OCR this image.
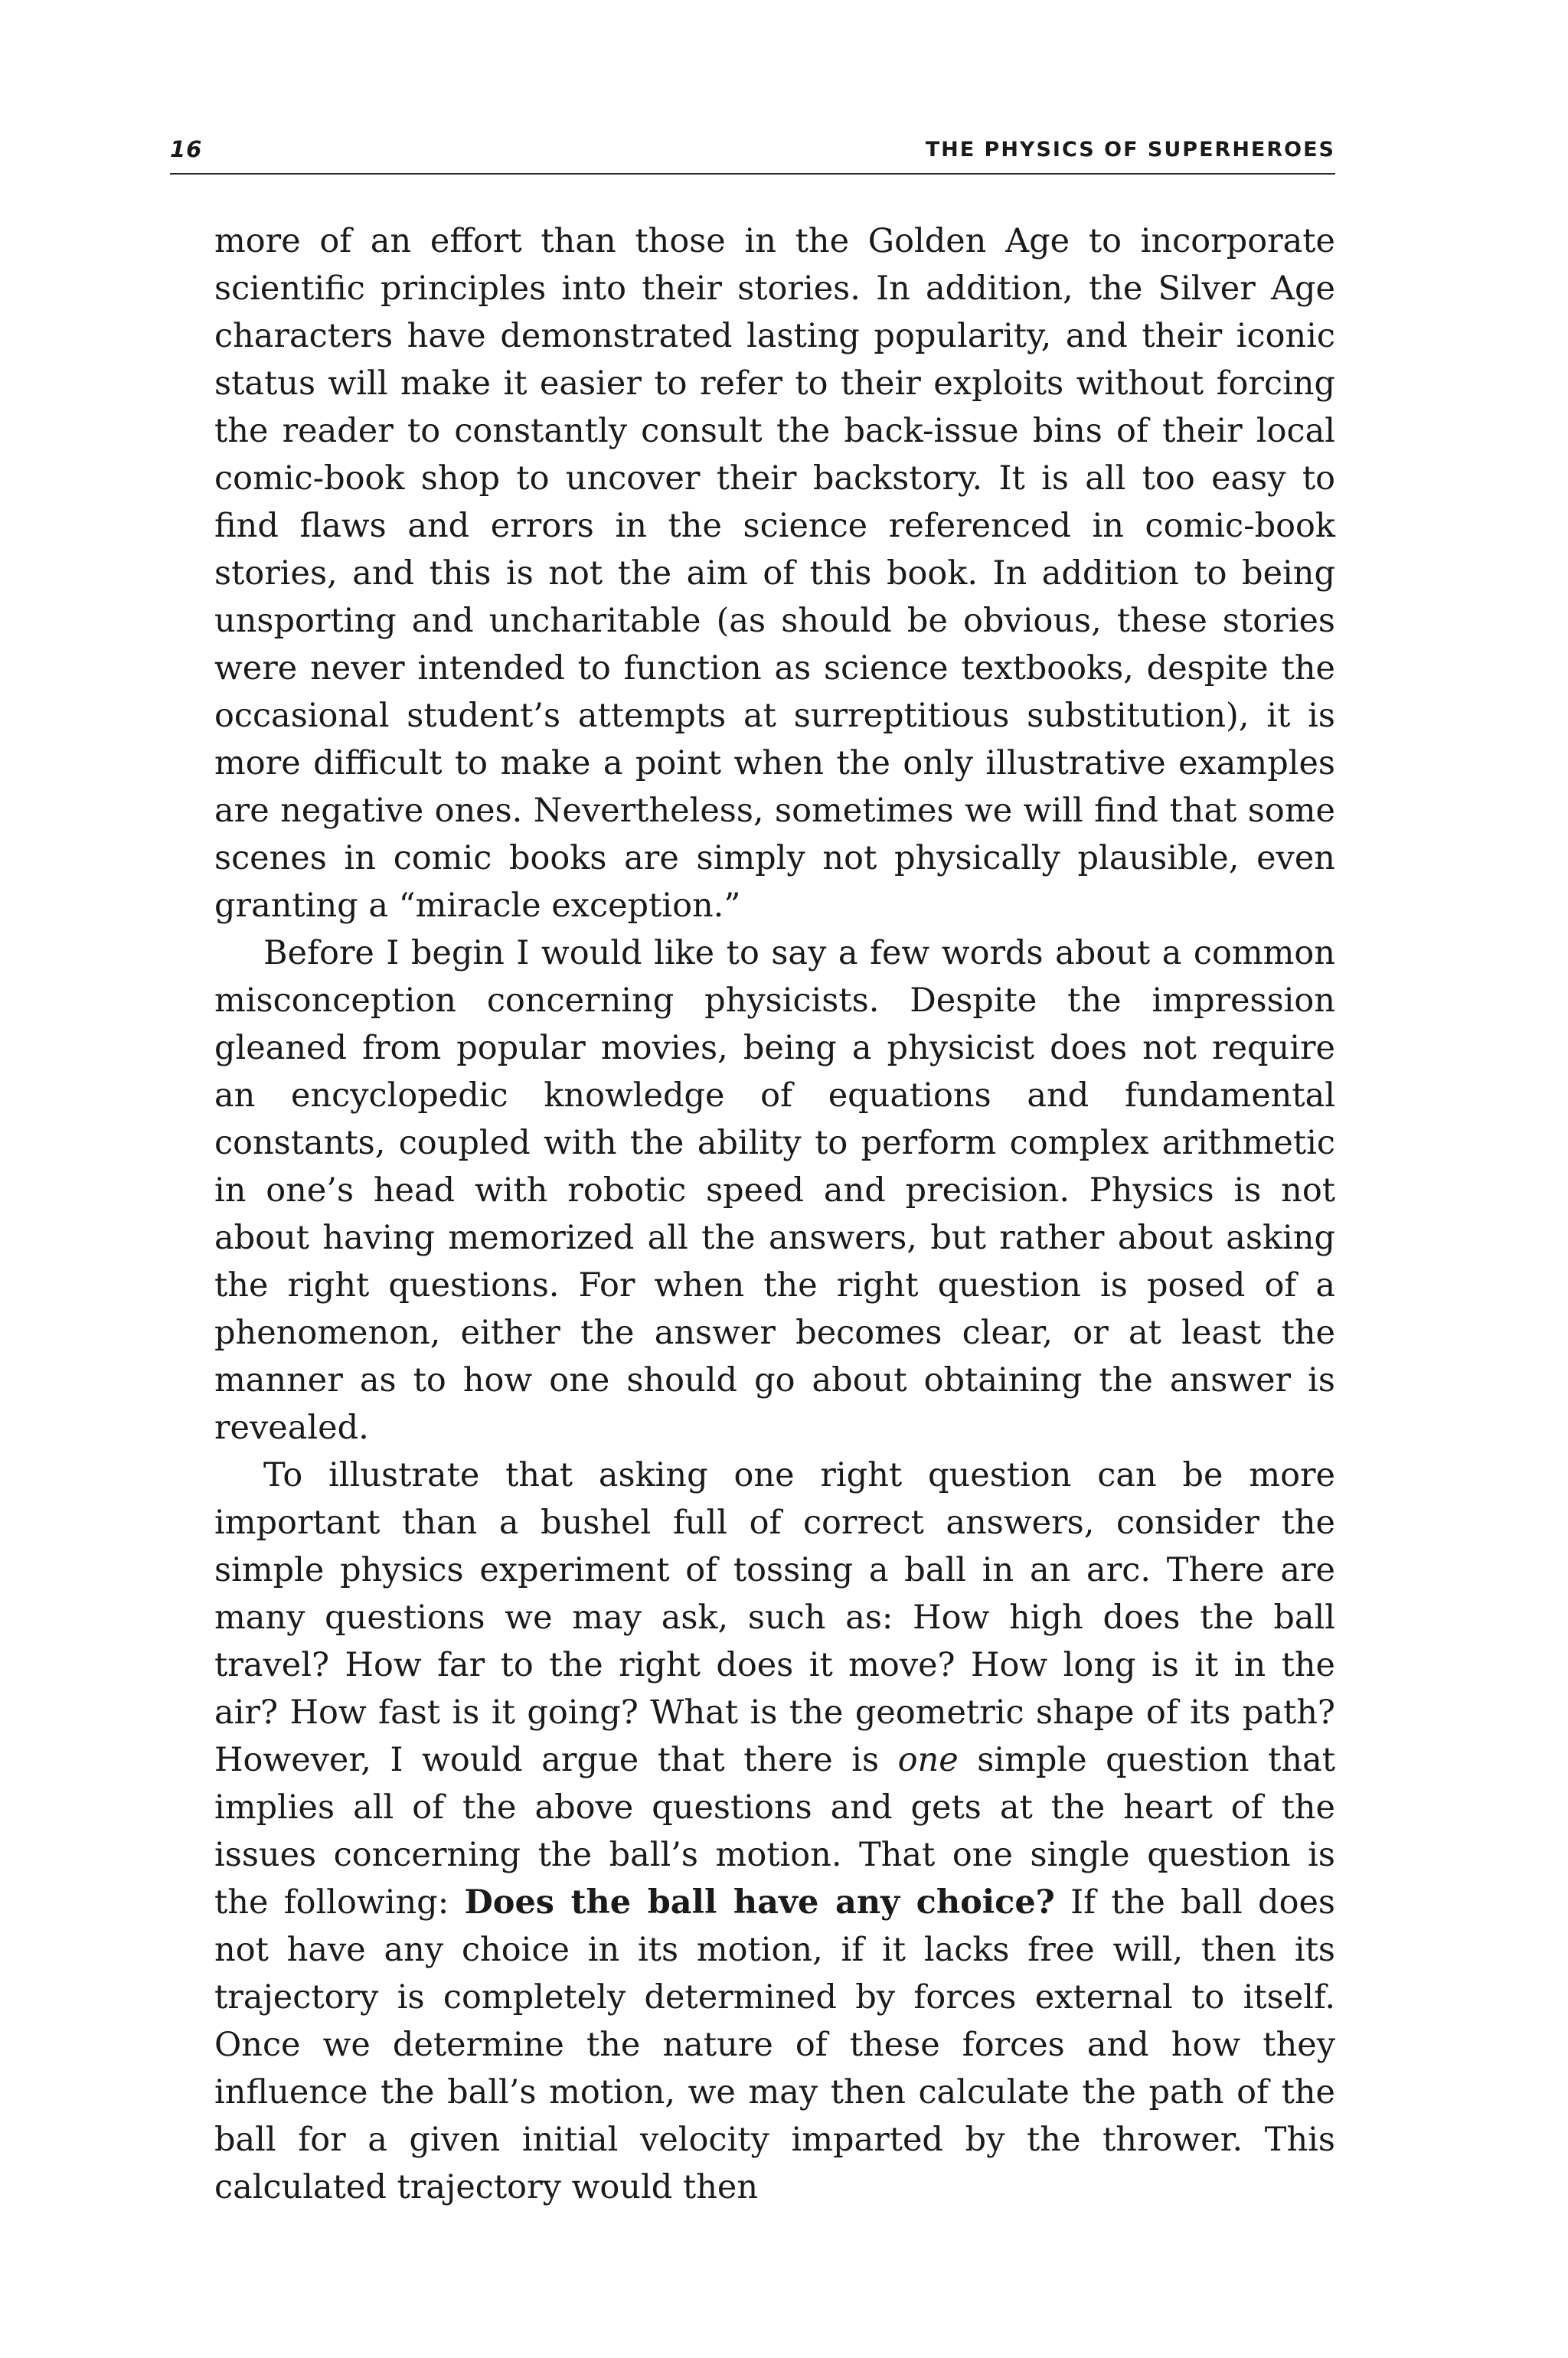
16	THE PHYSICS OF SUPERHEROES

more of an effort than those in the Golden Age to incorporate scientific principles into their stories. In addition, the Silver Age characters have demonstrated lasting popularity, and their iconic status will make it easier to refer to their exploits without forcing the reader to constantly consult the back-issue bins of their local comic-book shop to uncover their backstory. It is all too easy to find flaws and errors in the science referenced in comic-book stories, and this is not the aim of this book. In addition to being unsporting and uncharitable (as should be obvious, these stories were never intended to function as science textbooks, despite the occasional student’s attempts at surreptitious substitution), it is more difficult to make a point when the only illustrative examples are negative ones. Nevertheless, sometimes we will find that some scenes in comic books are simply not physically plausible, even granting a “miracle exception.”

Before I begin I would like to say a few words about a common misconception concerning physicists. Despite the impression gleaned from popular movies, being a physicist does not require an encyclopedic knowledge of equations and fundamental constants, coupled with the ability to perform complex arithmetic in one’s head with robotic speed and precision. Physics is not about having memorized all the answers, but rather about asking the right questions. For when the right question is posed of a phenomenon, either the answer becomes clear, or at least the manner as to how one should go about obtaining the answer is revealed.

To illustrate that asking one right question can be more important than a bushel full of correct answers, consider the simple physics experiment of tossing a ball in an arc. There are many questions we may ask, such as: How high does the ball travel? How far to the right does it move? How long is it in the air? How fast is it going? What is the geometric shape of its path? However, I would argue that there is one simple question that implies all of the above questions and gets at the heart of the issues concerning the ball’s motion. That one single question is the following: Does the ball have any choice? If the ball does not have any choice in its motion, if it lacks free will, then its trajectory is completely determined by forces external to itself. Once we determine the nature of these forces and how they influence the ball’s motion, we may then calculate the path of the ball for a given initial velocity imparted by the thrower. This calculated trajectory would then
